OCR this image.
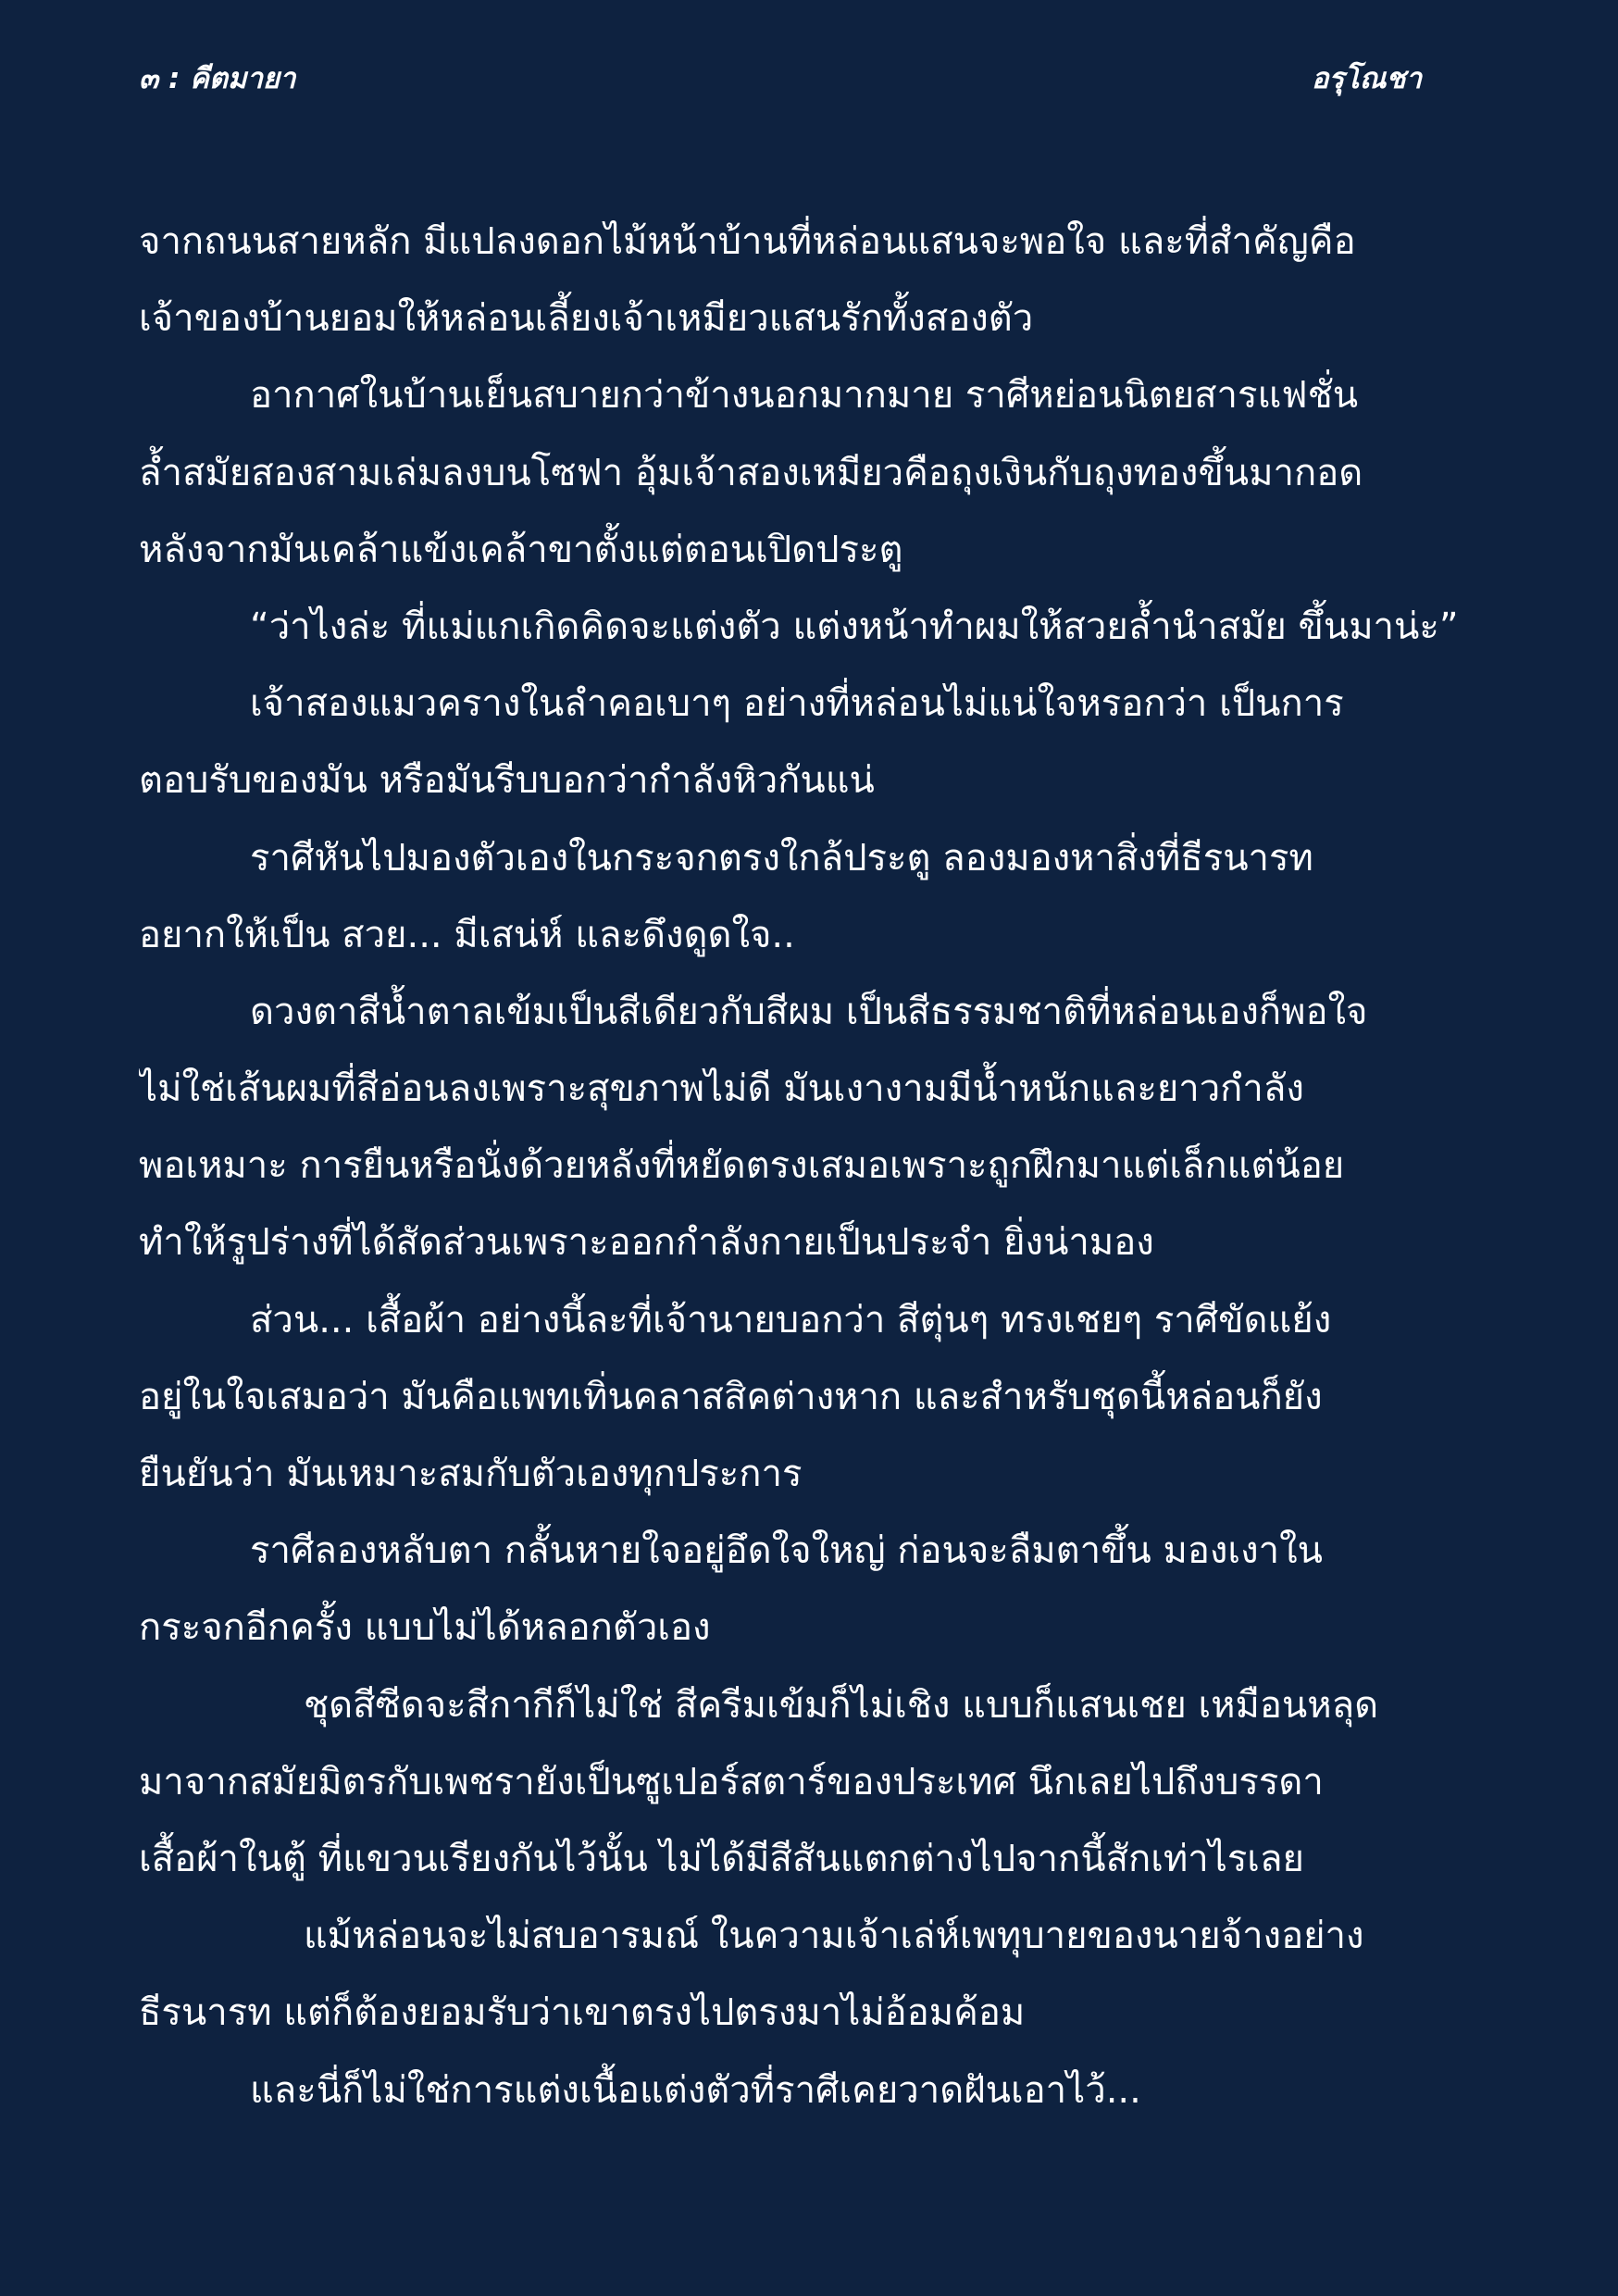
๓ : คีตมายา	อรุโณชา
จากถนนสายหลัก มีแปลงดอกไม้หน้าบ้านที่หล่อนแสนจะพอใจ และที่สำคัญคือ
เจ้าของบ้านยอมให้หล่อนเลี้ยงเจ้าเหมียวแสนรักทั้งสองตัว
อากาศในบ้านเย็นสบายกว่าข้างนอกมากมาย ราศีหย่อนนิตยสารแฟชั่น
ล้ำสมัยสองสามเล่มลงบนโซฟา อุ้มเจ้าสองเหมียวคือถุงเงินกับถุงทองขึ้นมากอด
หลังจากมันเคล้าแข้งเคล้าขาตั้งแต่ตอนเปิดประตู
“ว่าไงล่ะ ที่แม่แกเกิดคิดจะแต่งตัว แต่งหน้าทำผมให้สวยล้ำนำสมัย ขึ้นมาน่ะ”
เจ้าสองแมวครางในลำคอเบาๆ อย่างที่หล่อนไม่แน่ใจหรอกว่า เป็นการ
ตอบรับของมัน หรือมันรีบบอกว่ากำลังหิวกันแน่
ราศีหันไปมองตัวเองในกระจกตรงใกล้ประตู ลองมองหาสิ่งที่ธีรนารท
อยากให้เป็น สวย... มีเสน่ห์ และดึงดูดใจ..
ดวงตาสีน้ำตาลเข้มเป็นสีเดียวกับสีผม เป็นสีธรรมชาติที่หล่อนเองก็พอใจ
ไม่ใช่เส้นผมที่สีอ่อนลงเพราะสุขภาพไม่ดี มันเงางามมีน้ำหนักและยาวกำลัง
พอเหมาะ การยืนหรือนั่งด้วยหลังที่หยัดตรงเสมอเพราะถูกฝึกมาแต่เล็กแต่น้อย
ทำให้รูปร่างที่ได้สัดส่วนเพราะออกกำลังกายเป็นประจำ ยิ่งน่ามอง
ส่วน... เสื้อผ้า อย่างนี้ละที่เจ้านายบอกว่า สีตุ่นๆ ทรงเชยๆ ราศีขัดแย้ง
อยู่ในใจเสมอว่า มันคือแพทเทิ่นคลาสสิคต่างหาก และสำหรับชุดนี้หล่อนก็ยัง
ยืนยันว่า มันเหมาะสมกับตัวเองทุกประการ
ราศีลองหลับตา กลั้นหายใจอยู่อึดใจใหญ่ ก่อนจะลืมตาขึ้น มองเงาใน
กระจกอีกครั้ง แบบไม่ได้หลอกตัวเอง
ชุดสีซีดจะสีกากีก็ไม่ใช่ สีครีมเข้มก็ไม่เชิง แบบก็แสนเชย เหมือนหลุด
มาจากสมัยมิตรกับเพชรายังเป็นซูเปอร์สตาร์ของประเทศ นึกเลยไปถึงบรรดา
เสื้อผ้าในตู้ ที่แขวนเรียงกันไว้นั้น ไม่ได้มีสีสันแตกต่างไปจากนี้สักเท่าไรเลย
แม้หล่อนจะไม่สบอารมณ์ ในความเจ้าเล่ห์เพทุบายของนายจ้างอย่าง
ธีรนารท แต่ก็ต้องยอมรับว่าเขาตรงไปตรงมาไม่อ้อมค้อม
และนี่ก็ไม่ใช่การแต่งเนื้อแต่งตัวที่ราศีเคยวาดฝันเอาไว้...
